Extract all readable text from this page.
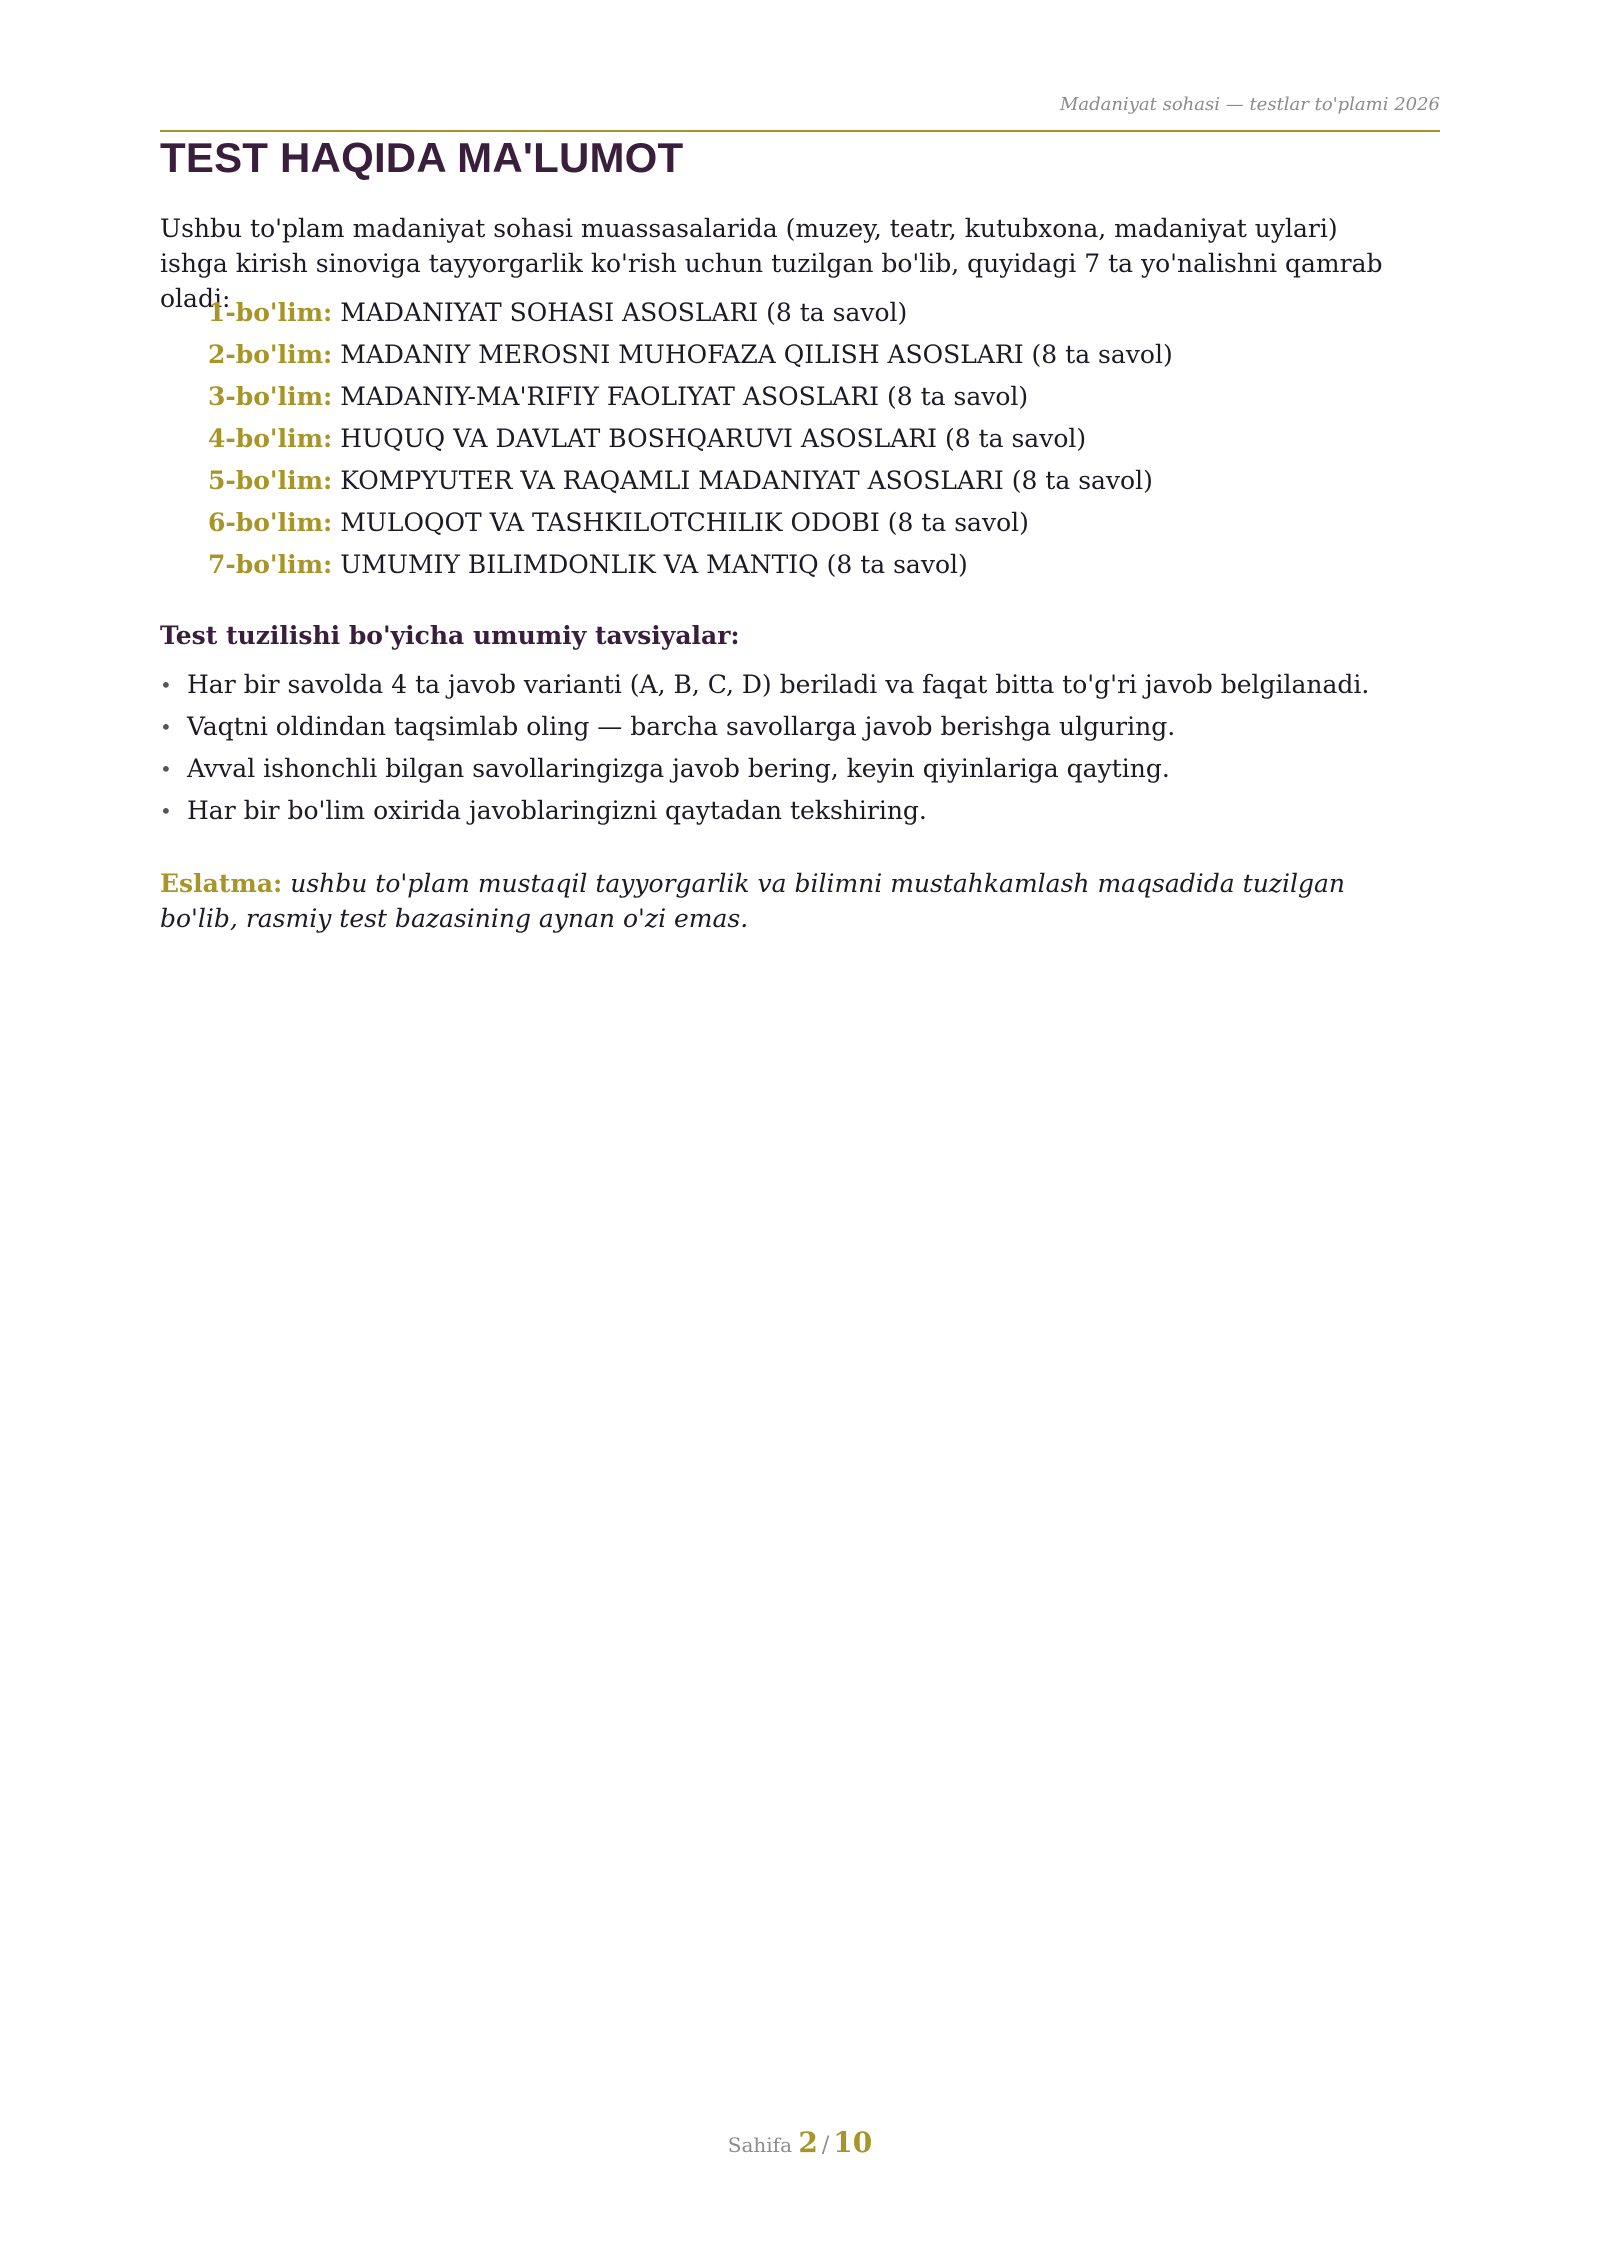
Madaniyat sohasi — testlar to'plami 2026
TEST HAQIDA MA'LUMOT

Ushbu to'plam madaniyat sohasi muassasalarida (muzey, teatr, kutubxona, madaniyat uylari) ishga kirish sinoviga tayyorgarlik ko'rish uchun tuzilgan bo'lib, quyidagi 7 ta yo'nalishni qamrab oladi:

1-bo'lim: MADANIYAT SOHASI ASOSLARI (8 ta savol)
2-bo'lim: MADANIY MEROSNI MUHOFAZA QILISH ASOSLARI (8 ta savol)
3-bo'lim: MADANIY-MA'RIFIY FAOLIYAT ASOSLARI (8 ta savol)
4-bo'lim: HUQUQ VA DAVLAT BOSHQARUVI ASOSLARI (8 ta savol)
5-bo'lim: KOMPYUTER VA RAQAMLI MADANIYAT ASOSLARI (8 ta savol)
6-bo'lim: MULOQOT VA TASHKILOTCHILIK ODOBI (8 ta savol)
7-bo'lim: UMUMIY BILIMDONLIK VA MANTIQ (8 ta savol)
Test tuzilishi bo'yicha umumiy tavsiyalar:
• Har bir savolda 4 ta javob varianti (A, B, C, D) beriladi va faqat bitta to'g'ri javob belgilanadi.
• Vaqtni oldindan taqsimlab oling — barcha savollarga javob berishga ulguring.
• Avval ishonchli bilgan savollaringizga javob bering, keyin qiyinlariga qayting.
• Har bir bo'lim oxirida javoblaringizni qaytadan tekshiring.

Eslatma: ushbu to'plam mustaqil tayyorgarlik va bilimni mustahkamlash maqsadida tuzilgan bo'lib, rasmiy test bazasining aynan o'zi emas.

Sahifa 2 / 10
